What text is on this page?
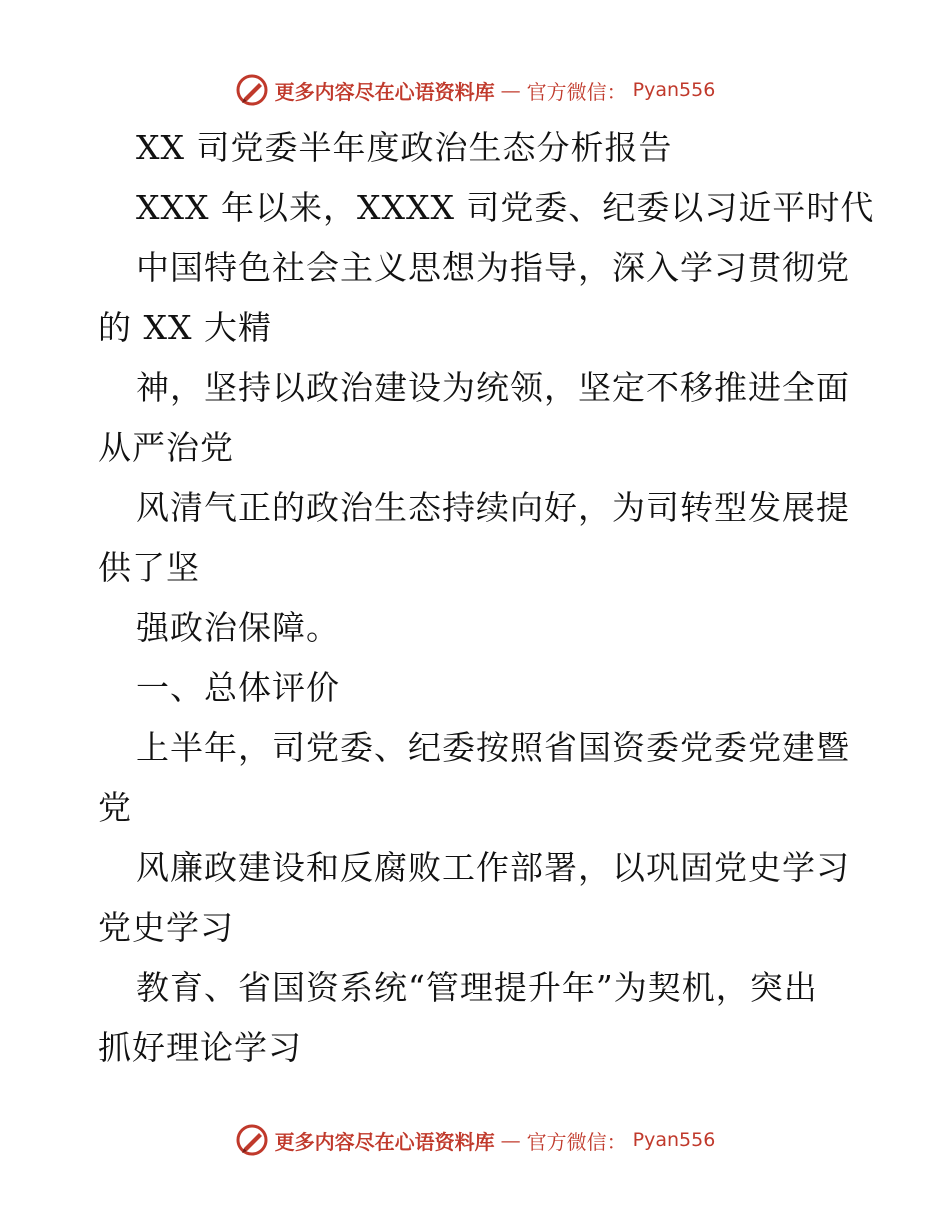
更多内容尽在心语资料库 — 官方微信： Pyan556
XX 司党委半年度政治生态分析报告
XXX 年以来，XXXX 司党委、纪委以习近平时代
中国特色社会主义思想为指导，深入学习贯彻党
的 XX 大精
神，坚持以政治建设为统领，坚定不移推进全面
从严治党
风清气正的政治生态持续向好，为司转型发展提
供了坚
强政治保障。
一、总体评价
上半年，司党委、纪委按照省国资委党委党建暨
党
风廉政建设和反腐败工作部署，以巩固党史学习
党史学习
教育、省国资系统“管理提升年”为契机，突出
抓好理论学习
更多内容尽在心语资料库 — 官方微信： Pyan556
